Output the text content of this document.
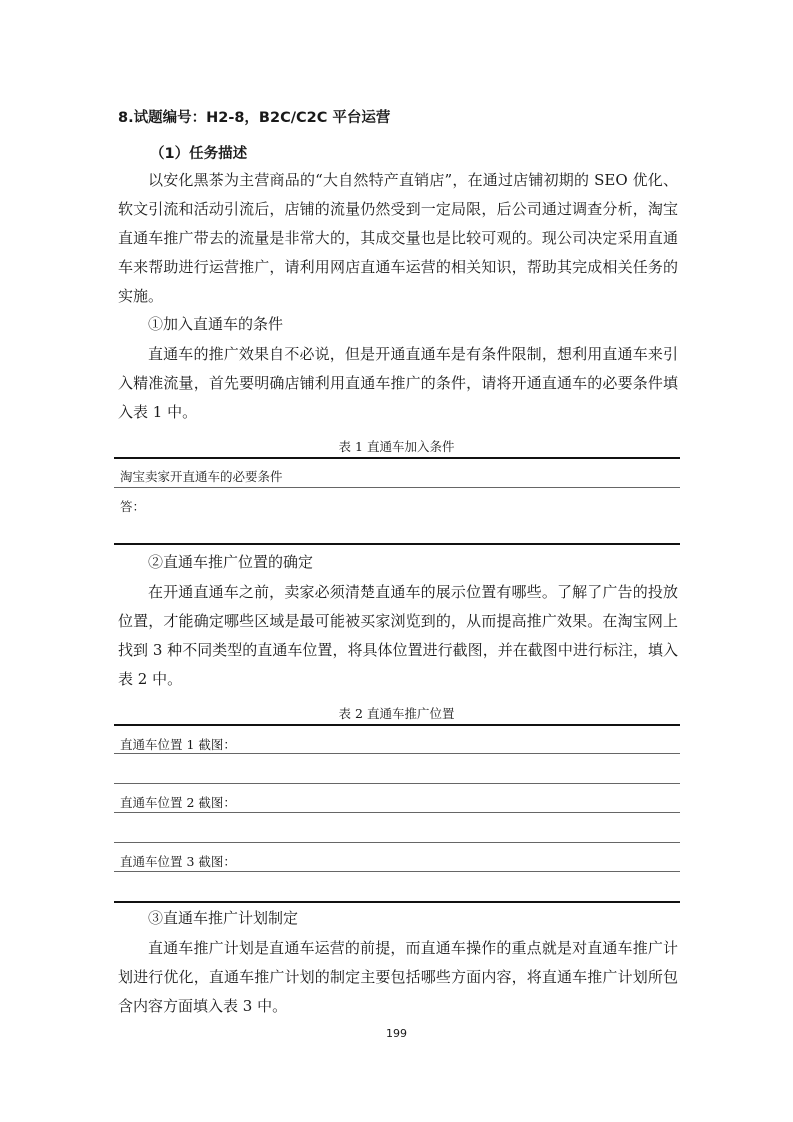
8.试题编号：H2-8，B2C/C2C 平台运营
（1）任务描述

以安化黑茶为主营商品的“大自然特产直销店”，在通过店铺初期的 SEO 优化、软文引流和活动引流后，店铺的流量仍然受到一定局限，后公司通过调查分析，淘宝直通车推广带去的流量是非常大的，其成交量也是比较可观的。现公司决定采用直通车来帮助进行运营推广，请利用网店直通车运营的相关知识，帮助其完成相关任务的实施。

①加入直通车的条件

直通车的推广效果自不必说，但是开通直通车是有条件限制，想利用直通车来引入精准流量，首先要明确店铺利用直通车推广的条件，请将开通直通车的必要条件填入表 1 中。

表 1 直通车加入条件
淘宝卖家开直通车的必要条件
答：
②直通车推广位置的确定

在开通直通车之前，卖家必须清楚直通车的展示位置有哪些。了解了广告的投放位置，才能确定哪些区域是最可能被买家浏览到的，从而提高推广效果。在淘宝网上找到 3 种不同类型的直通车位置，将具体位置进行截图，并在截图中进行标注，填入表 2 中。

表 2 直通车推广位置
直通车位置 1 截图：
直通车位置 2 截图：
直通车位置 3 截图：
③直通车推广计划制定

直通车推广计划是直通车运营的前提，而直通车操作的重点就是对直通车推广计划进行优化，直通车推广计划的制定主要包括哪些方面内容，将直通车推广计划所包含内容方面填入表 3 中。

199
